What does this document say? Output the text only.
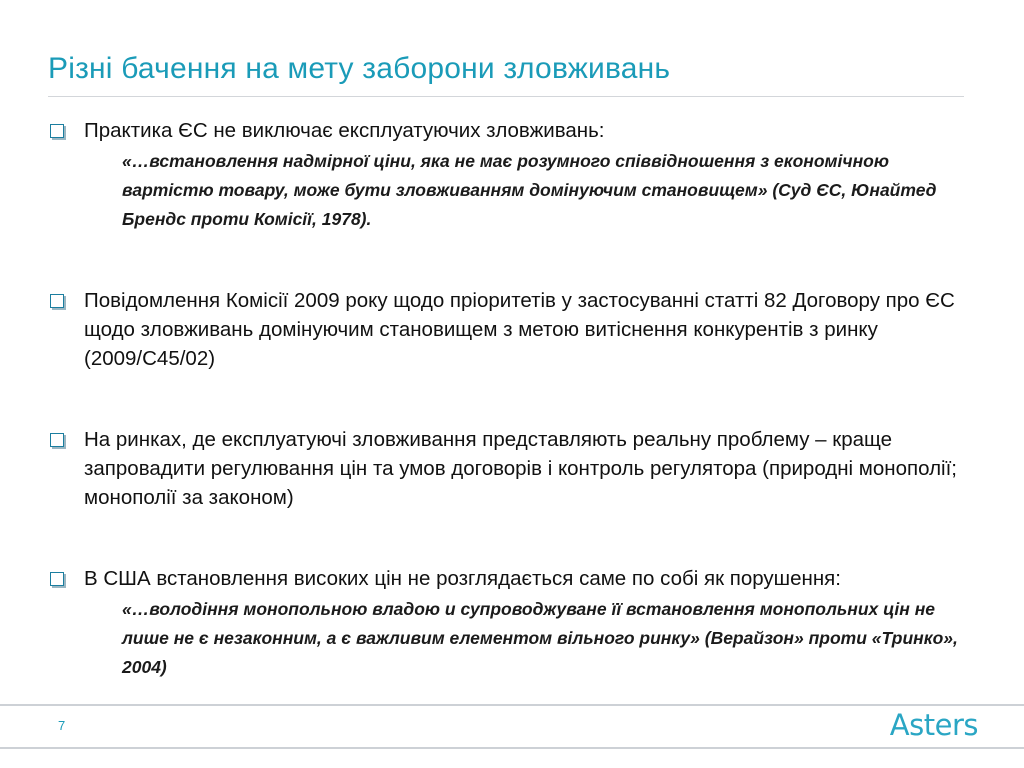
Різні бачення на мету заборони зловживань
Практика ЄС не виключає експлуатуючих зловживань:
«…встановлення надмірної ціни, яка не має розумного співвідношення з економічною вартістю товару, може бути зловживанням домінуючим становищем» (Суд ЄС, Юнайтед Брендс проти Комісії, 1978).
Повідомлення Комісії 2009 року щодо пріоритетів у застосуванні статті 82 Договору про ЄС щодо зловживань домінуючим становищем з метою витіснення конкурентів з ринку (2009/C45/02)
На ринках, де експлуатуючі зловживання представляють реальну проблему – краще запровадити регулювання цін та умов договорів і контроль регулятора (природні монополії; монополії за законом)
В США встановлення високих цін не розглядається саме по собі як порушення:
«…володіння монопольною владою и супроводжуване її встановлення монопольних цін не лише не є незаконним, а є важливим елементом вільного ринку» (Верайзон» проти «Тринко», 2004)
7	Asters
